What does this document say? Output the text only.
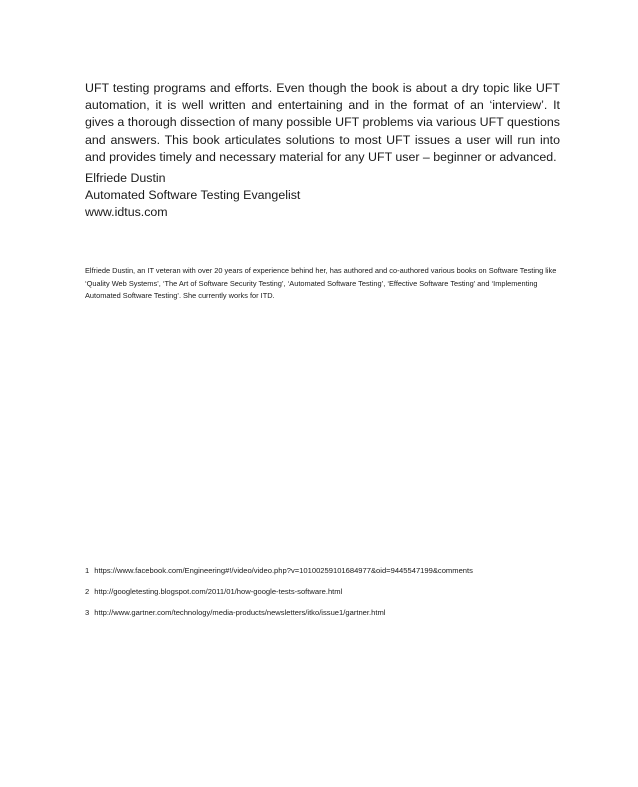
UFT testing programs and efforts. Even though the book is about a dry topic like UFT automation, it is well written and entertaining and in the format of an ‘interview’. It gives a thorough dissection of many possible UFT problems via various UFT questions and answers. This book articulates solutions to most UFT issues a user will run into and provides timely and necessary material for any UFT user – beginner or advanced.

Elfriede Dustin
Automated Software Testing Evangelist
www.idtus.com

Elfriede Dustin, an IT veteran with over 20 years of experience behind her, has authored and co-authored various books on Software Testing like ‘Quality Web Systems’, ‘The Art of Software Security Testing’, ‘Automated Software Testing’, ‘Effective Software Testing’ and ‘Implementing Automated Software Testing’. She currently works for ITD.

1 https://www.facebook.com/Engineering#!/video/video.php?v=10100259101684977&oid=9445547199&comments
2 http://googletesting.blogspot.com/2011/01/how-google-tests-software.html
3 http://www.gartner.com/technology/media-products/newsletters/itko/issue1/gartner.html
